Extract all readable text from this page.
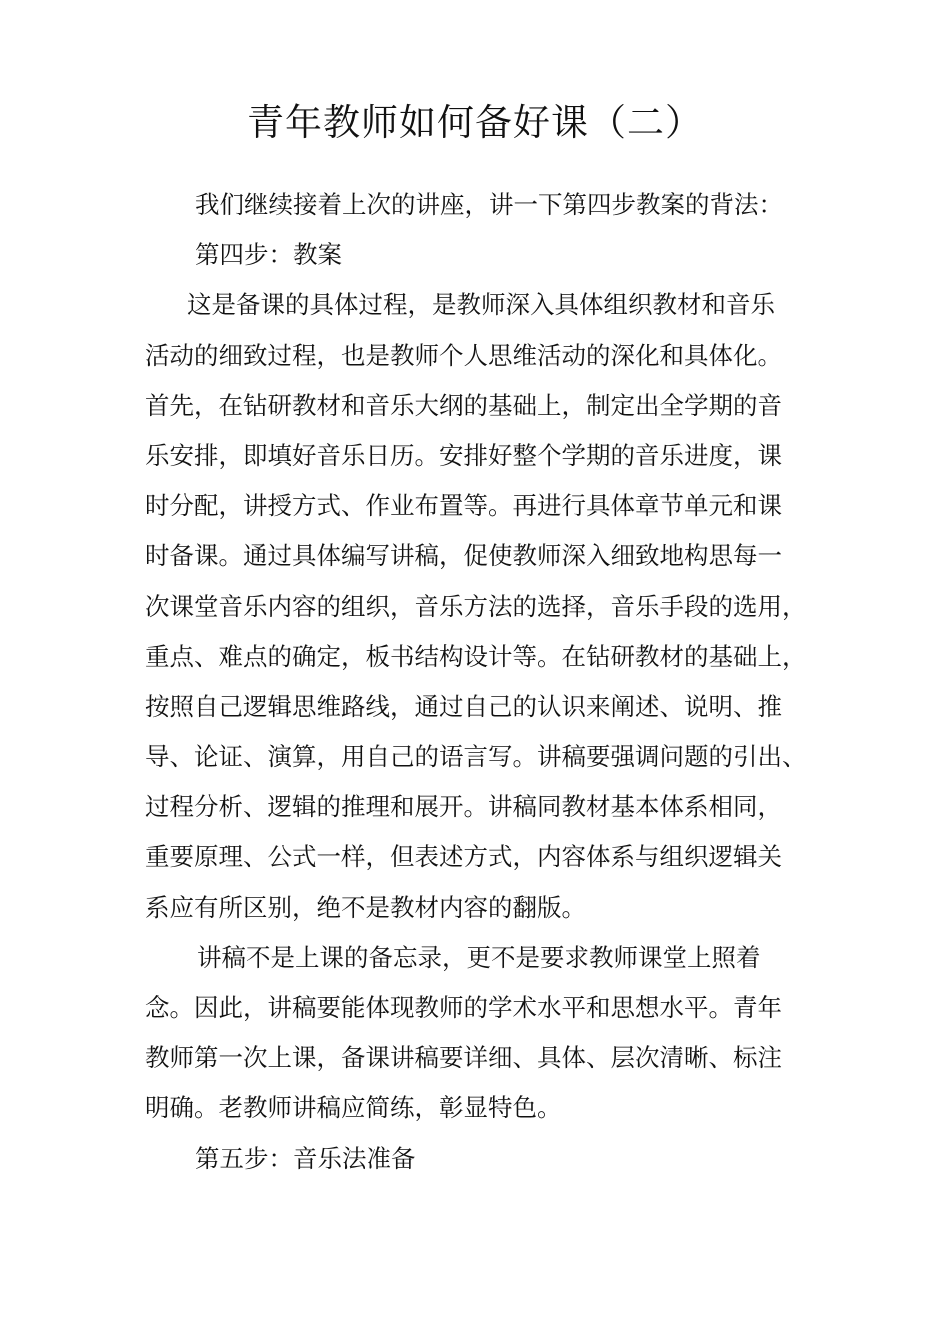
青年教师如何备好课（二）
我们继续接着上次的讲座，讲一下第四步教案的背法：
第四步：教案
这是备课的具体过程，是教师深入具体组织教材和音乐
活动的细致过程，也是教师个人思维活动的深化和具体化。
首先，在钻研教材和音乐大纲的基础上，制定出全学期的音
乐安排，即填好音乐日历。安排好整个学期的音乐进度，课
时分配，讲授方式、作业布置等。再进行具体章节单元和课
时备课。通过具体编写讲稿，促使教师深入细致地构思每一
次课堂音乐内容的组织，音乐方法的选择，音乐手段的选用，
重点、难点的确定，板书结构设计等。在钻研教材的基础上，
按照自己逻辑思维路线，通过自己的认识来阐述、说明、推
导、论证、演算，用自己的语言写。讲稿要强调问题的引出、
过程分析、逻辑的推理和展开。讲稿同教材基本体系相同，
重要原理、公式一样，但表述方式，内容体系与组织逻辑关
系应有所区别，绝不是教材内容的翻版。
讲稿不是上课的备忘录，更不是要求教师课堂上照着
念。因此，讲稿要能体现教师的学术水平和思想水平。青年
教师第一次上课，备课讲稿要详细、具体、层次清晰、标注
明确。老教师讲稿应简练，彰显特色。
第五步：音乐法准备
